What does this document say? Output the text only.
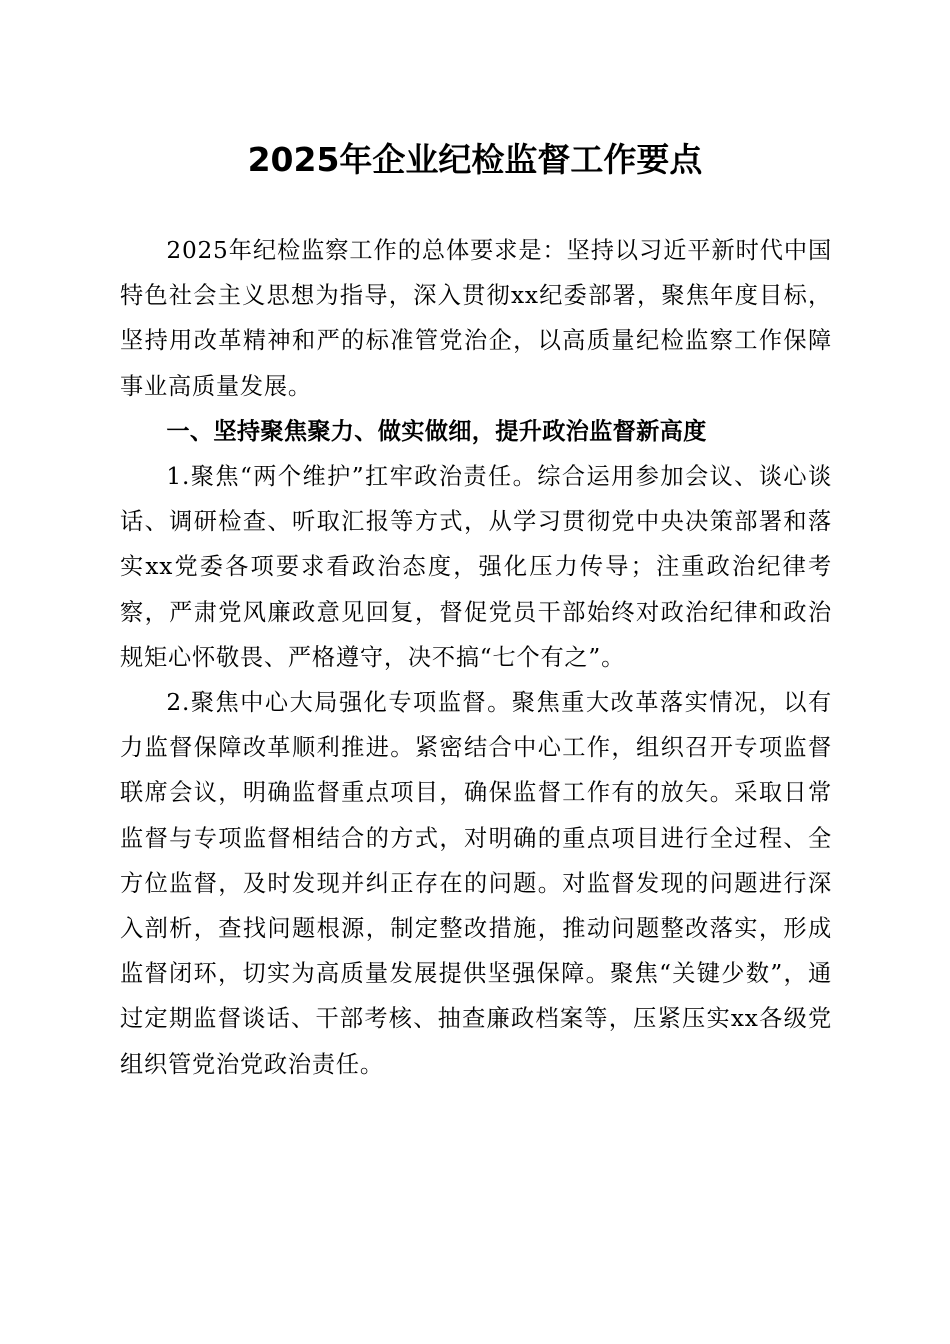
2025年企业纪检监督工作要点

2025年纪检监察工作的总体要求是：坚持以习近平新时代中国特色社会主义思想为指导，深入贯彻xx纪委部署，聚焦年度目标，坚持用改革精神和严的标准管党治企，以高质量纪检监察工作保障事业高质量发展。

一、坚持聚焦聚力、做实做细，提升政治监督新高度

1.聚焦“两个维护”扛牢政治责任。综合运用参加会议、谈心谈话、调研检查、听取汇报等方式，从学习贯彻党中央决策部署和落实xx党委各项要求看政治态度，强化压力传导；注重政治纪律考察，严肃党风廉政意见回复，督促党员干部始终对政治纪律和政治规矩心怀敬畏、严格遵守，决不搞“七个有之”。

2.聚焦中心大局强化专项监督。聚焦重大改革落实情况，以有力监督保障改革顺利推进。紧密结合中心工作，组织召开专项监督联席会议，明确监督重点项目，确保监督工作有的放矢。采取日常监督与专项监督相结合的方式，对明确的重点项目进行全过程、全方位监督，及时发现并纠正存在的问题。对监督发现的问题进行深入剖析，查找问题根源，制定整改措施，推动问题整改落实，形成监督闭环，切实为高质量发展提供坚强保障。聚焦“关键少数”，通过定期监督谈话、干部考核、抽查廉政档案等，压紧压实xx各级党组织管党治党政治责任。
